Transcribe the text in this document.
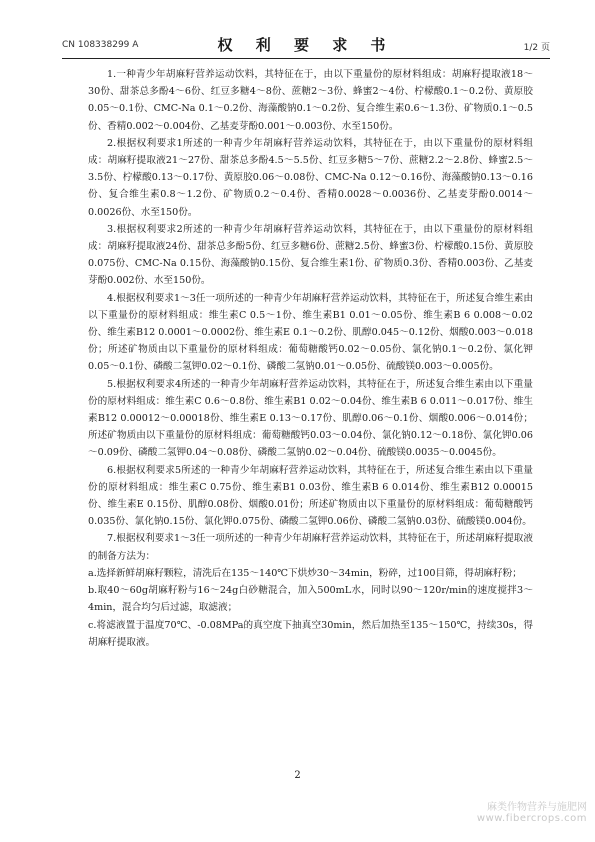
CN 108338299 A	权 利 要 求 书	1/2 页

1.一种青少年胡麻籽营养运动饮料，其特征在于，由以下重量份的原材料组成：胡麻籽提取液18～30份、甜茶总多酚4～6份、红豆多糖4～8份、蔗糖2～3份、蜂蜜2～4份、柠檬酸0.1～0.2份、黄原胶0.05～0.1份、CMC-Na 0.1～0.2份、海藻酸钠0.1～0.2份、复合维生素0.6～1.3份、矿物质0.1～0.5份、香精0.002～0.004份、乙基麦芽酚0.001～0.003份、水至150份。

2.根据权利要求1所述的一种青少年胡麻籽营养运动饮料，其特征在于，由以下重量份的原材料组成：胡麻籽提取液21～27份、甜茶总多酚4.5～5.5份、红豆多糖5～7份、蔗糖2.2～2.8份、蜂蜜2.5～3.5份、柠檬酸0.13～0.17份、黄原胶0.06～0.08份、CMC-Na 0.12～0.16份、海藻酸钠0.13～0.16份、复合维生素0.8～1.2份、矿物质0.2～0.4份、香精0.0028～0.0036份、乙基麦芽酚0.0014～0.0026份、水至150份。

3.根据权利要求2所述的一种青少年胡麻籽营养运动饮料，其特征在于，由以下重量份的原材料组成：胡麻籽提取液24份、甜茶总多酚5份、红豆多糖6份、蔗糖2.5份、蜂蜜3份、柠檬酸0.15份、黄原胶0.075份、CMC-Na 0.15份、海藻酸钠0.15份、复合维生素1份、矿物质0.3份、香精0.003份、乙基麦芽酚0.002份、水至150份。

4.根据权利要求1～3任一项所述的一种青少年胡麻籽营养运动饮料，其特征在于，所述复合维生素由以下重量份的原材料组成：维生素C 0.5～1份、维生素B1 0.01～0.05份、维生素B 6 0.008～0.02份、维生素B12 0.0001～0.0002份、维生素E 0.1～0.2份、肌醇0.045～0.12份、烟酸0.003～0.018份；所述矿物质由以下重量份的原材料组成：葡萄糖酸钙0.02～0.05份、氯化钠0.1～0.2份、氯化钾0.05～0.1份、磷酸二氢钾0.02～0.1份、磷酸二氢钠0.01～0.05份、硫酸镁0.003～0.005份。

5.根据权利要求4所述的一种青少年胡麻籽营养运动饮料，其特征在于，所述复合维生素由以下重量份的原材料组成：维生素C 0.6～0.8份、维生素B1 0.02～0.04份、维生素B 6 0.011～0.017份、维生素B12 0.00012～0.00018份、维生素E 0.13～0.17份、肌醇0.06～0.1份、烟酸0.006～0.014份；所述矿物质由以下重量份的原材料组成：葡萄糖酸钙0.03～0.04份、氯化钠0.12～0.18份、氯化钾0.06～0.09份、磷酸二氢钾0.04～0.08份、磷酸二氢钠0.02～0.04份、硫酸镁0.0035～0.0045份。

6.根据权利要求5所述的一种青少年胡麻籽营养运动饮料，其特征在于，所述复合维生素由以下重量份的原材料组成：维生素C 0.75份、维生素B1 0.03份、维生素B 6 0.014份、维生素B12 0.00015份、维生素E 0.15份、肌醇0.08份、烟酸0.01份；所述矿物质由以下重量份的原材料组成：葡萄糖酸钙0.035份、氯化钠0.15份、氯化钾0.075份、磷酸二氢钾0.06份、磷酸二氢钠0.03份、硫酸镁0.004份。

7.根据权利要求1～3任一项所述的一种青少年胡麻籽营养运动饮料，其特征在于，所述胡麻籽提取液的制备方法为：

a.选择新鲜胡麻籽颗粒，清洗后在135～140℃下烘炒30～34min，粉碎，过100目筛，得胡麻籽粉；

b.取40～60g胡麻籽粉与16～24g白砂糖混合，加入500mL水，同时以90～120r/min的速度搅拌3～4min，混合均匀后过滤，取滤液；

c.将滤液置于温度70℃、-0.08MPa的真空度下抽真空30min，然后加热至135～150℃，持续30s，得胡麻籽提取液。

2
麻类作物营养与施肥网
www.fibercrops.com
